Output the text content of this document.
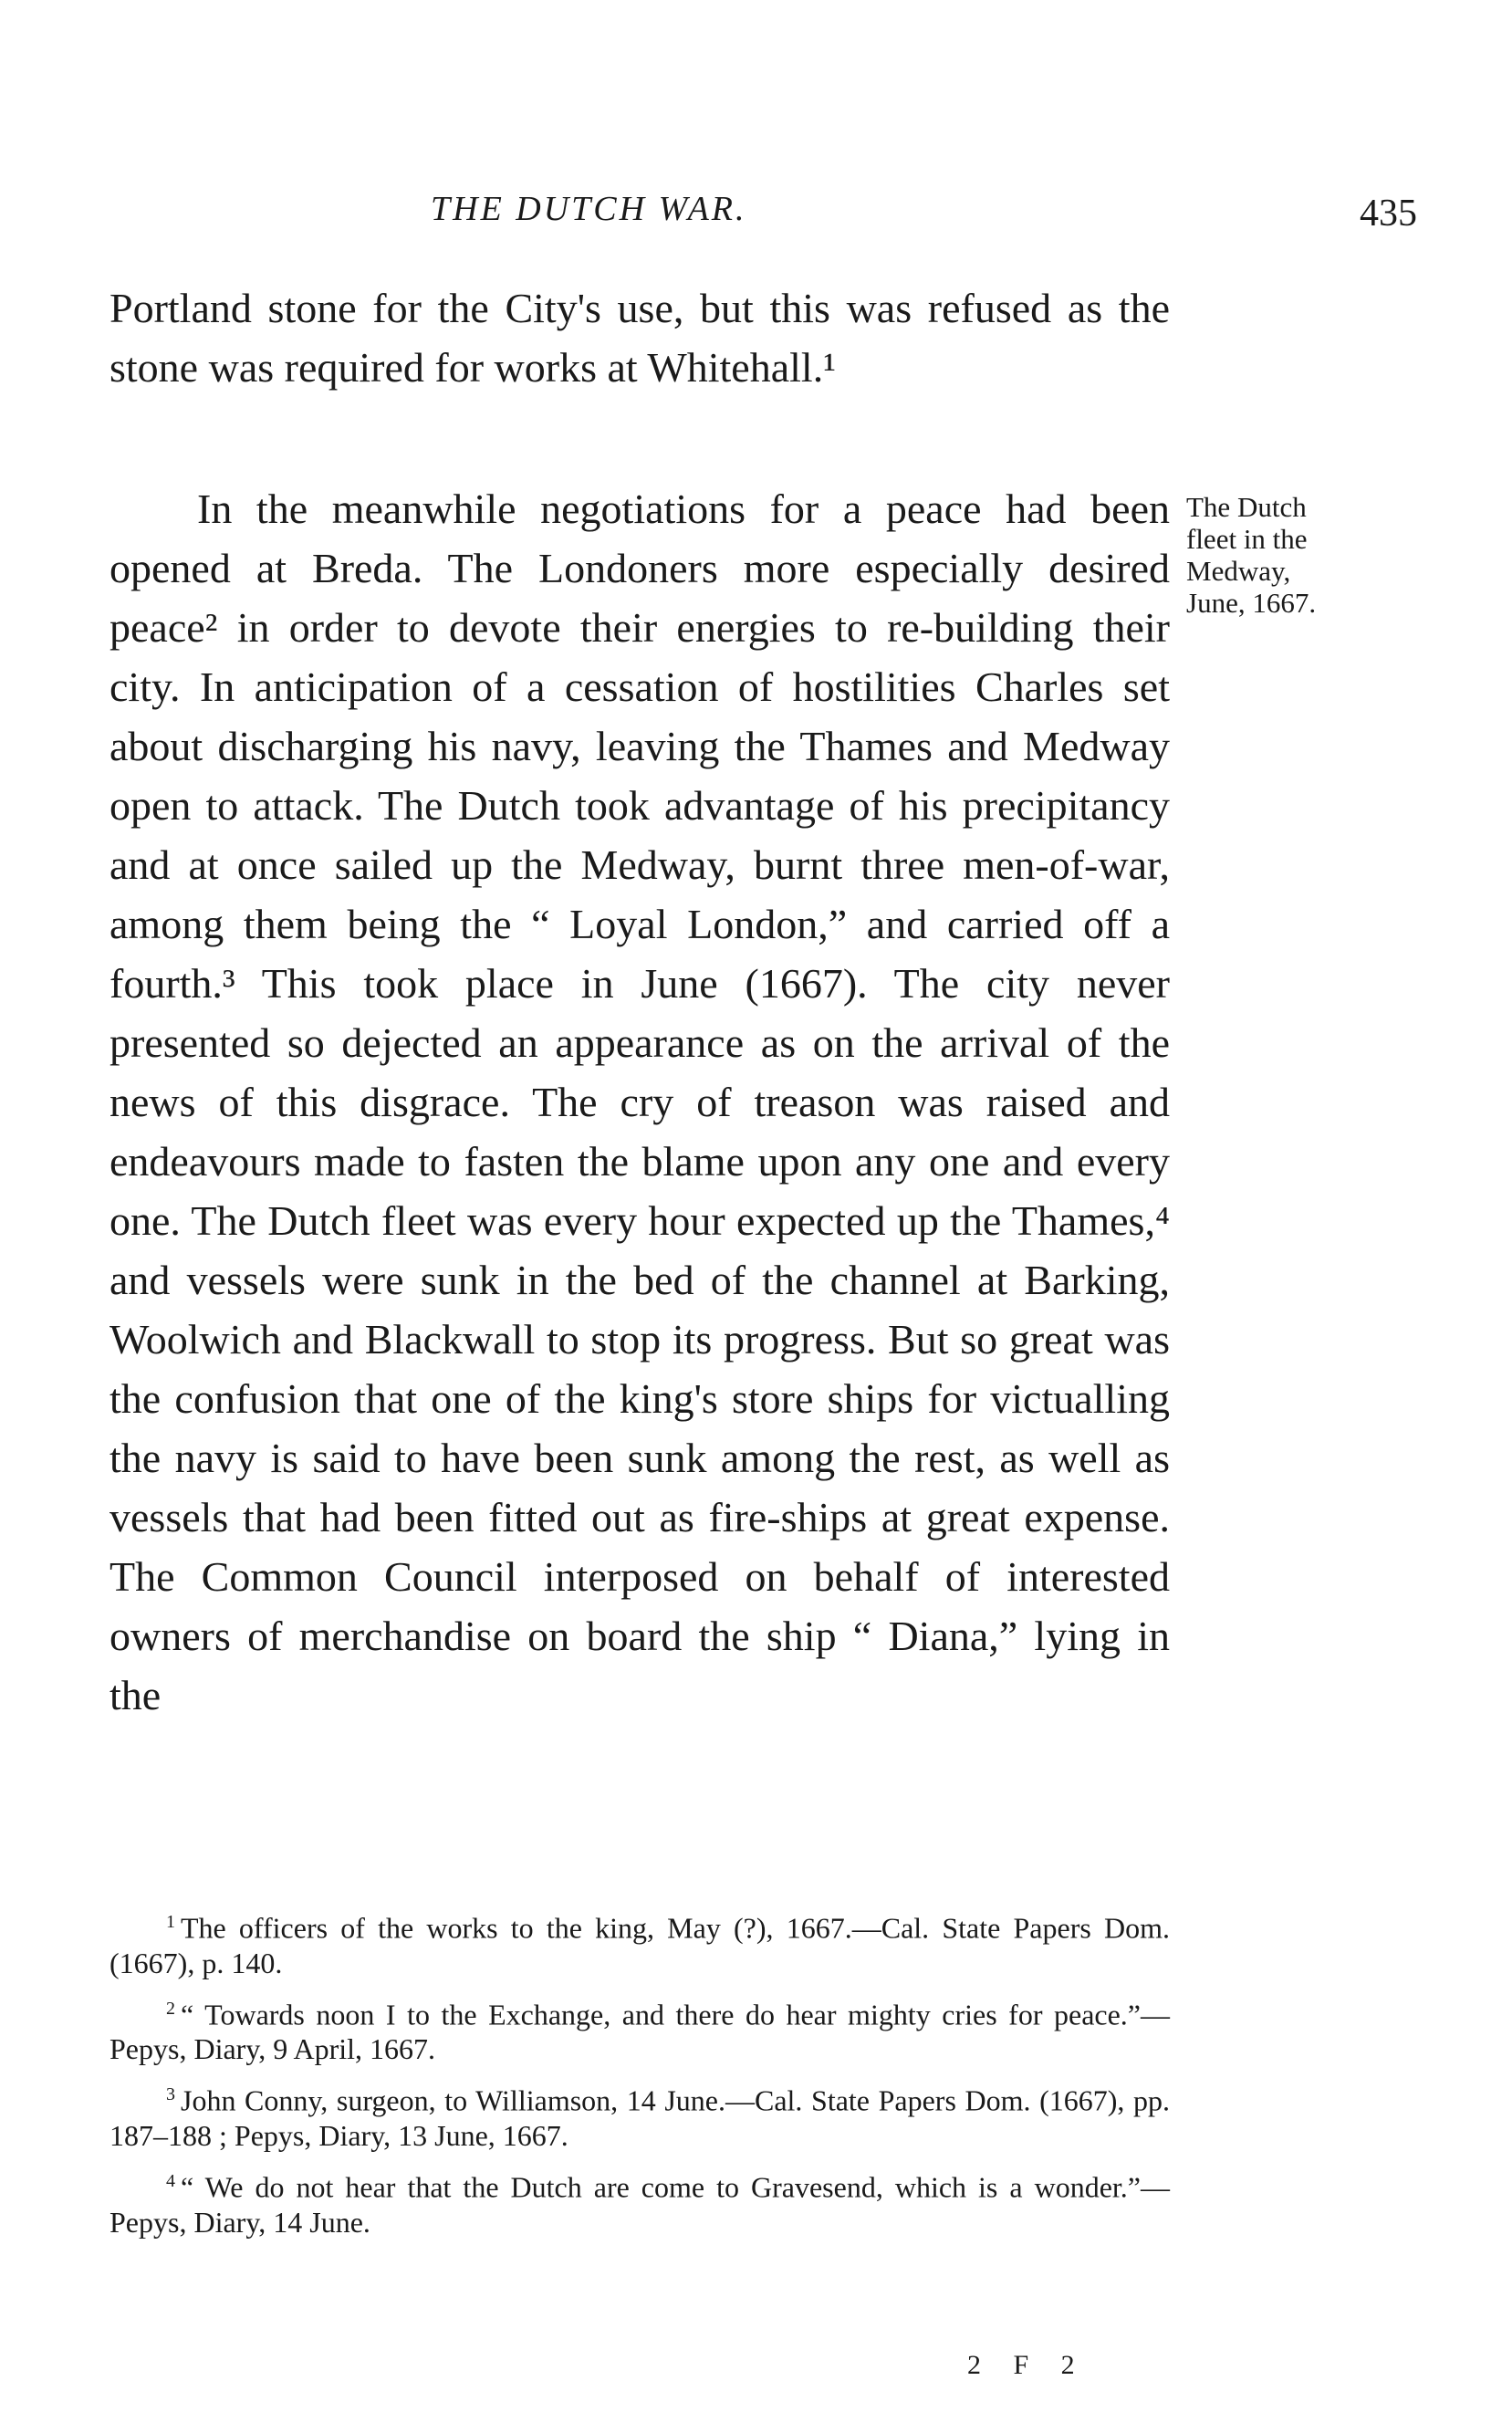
THE DUTCH WAR.	435

Portland stone for the City's use, but this was refused as the stone was required for works at Whitehall.¹

In the meanwhile negotiations for a peace had been opened at Breda. The Londoners more especially desired peace² in order to devote their energies to re-building their city. In anticipation of a cessation of hostilities Charles set about discharging his navy, leaving the Thames and Medway open to attack. The Dutch took advantage of his precipitancy and at once sailed up the Medway, burnt three men-of-war, among them being the “ Loyal London,” and carried off a fourth.³ This took place in June (1667). The city never presented so dejected an appearance as on the arrival of the news of this disgrace. The cry of treason was raised and endeavours made to fasten the blame upon any one and every one. The Dutch fleet was every hour expected up the Thames,⁴ and vessels were sunk in the bed of the channel at Barking, Woolwich and Blackwall to stop its progress. But so great was the confusion that one of the king's store ships for victualling the navy is said to have been sunk among the rest, as well as vessels that had been fitted out as fire-ships at great expense. The Common Council interposed on behalf of interested owners of merchandise on board the ship “ Diana,” lying in the

The Dutch
fleet in the
Medway,
June, 1667.

$^1$ The officers of the works to the king, May (?), 1667.—Cal. State Papers Dom. (1667), p. 140.

$^2$ “ Towards noon I to the Exchange, and there do hear mighty cries for peace.”—Pepys, Diary, 9 April, 1667.

$^3$ John Conny, surgeon, to Williamson, 14 June.—Cal. State Papers Dom. (1667), pp. 187–188 ; Pepys, Diary, 13 June, 1667.

$^4$ “ We do not hear that the Dutch are come to Gravesend, which is a wonder.”—Pepys, Diary, 14 June.

2 F 2
